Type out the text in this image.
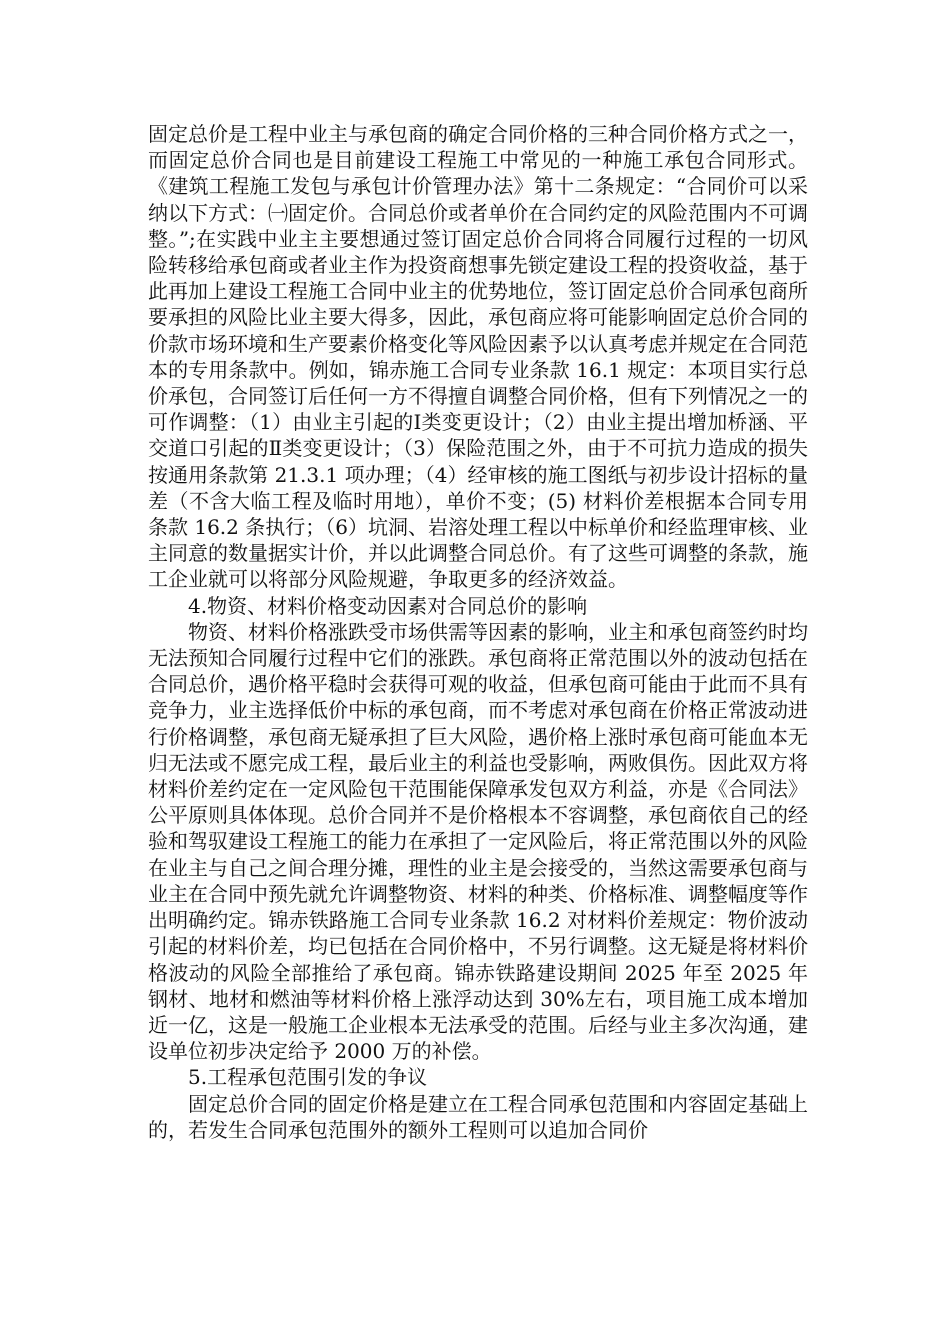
固定总价是工程中业主与承包商的确定合同价格的三种合同价格方式之一，而固定总价合同也是目前建设工程施工中常见的一种施工承包合同形式。《建筑工程施工发包与承包计价管理办法》第十二条规定：“合同价可以采纳以下方式：㈠固定价。合同总价或者单价在合同约定的风险范围内不可调整。”;在实践中业主主要想通过签订固定总价合同将合同履行过程的一切风险转移给承包商或者业主作为投资商想事先锁定建设工程的投资收益，基于此再加上建设工程施工合同中业主的优势地位，签订固定总价合同承包商所要承担的风险比业主要大得多，因此，承包商应将可能影响固定总价合同的价款市场环境和生产要素价格变化等风险因素予以认真考虑并规定在合同范本的专用条款中。例如，锦赤施工合同专业条款 16.1 规定：本项目实行总价承包，合同签订后任何一方不得擅自调整合同价格，但有下列情况之一的可作调整：（1）由业主引起的Ⅰ类变更设计；（2）由业主提出增加桥涵、平交道口引起的Ⅱ类变更设计；（3）保险范围之外，由于不可抗力造成的损失按通用条款第 21.3.1 项办理；（4）经审核的施工图纸与初步设计招标的量差（不含大临工程及临时用地），单价不变；(5) 材料价差根据本合同专用条款 16.2 条执行；（6）坑洞、岩溶处理工程以中标单价和经监理审核、业主同意的数量据实计价，并以此调整合同总价。有了这些可调整的条款，施工企业就可以将部分风险规避，争取更多的经济效益。

4.物资、材料价格变动因素对合同总价的影响

物资、材料价格涨跌受市场供需等因素的影响，业主和承包商签约时均无法预知合同履行过程中它们的涨跌。承包商将正常范围以外的波动包括在合同总价，遇价格平稳时会获得可观的收益，但承包商可能由于此而不具有竞争力，业主选择低价中标的承包商，而不考虑对承包商在价格正常波动进行价格调整，承包商无疑承担了巨大风险，遇价格上涨时承包商可能血本无归无法或不愿完成工程，最后业主的利益也受影响，两败俱伤。因此双方将材料价差约定在一定风险包干范围能保障承发包双方利益，亦是《合同法》公平原则具体体现。总价合同并不是价格根本不容调整，承包商依自己的经验和驾驭建设工程施工的能力在承担了一定风险后，将正常范围以外的风险在业主与自己之间合理分摊，理性的业主是会接受的，当然这需要承包商与业主在合同中预先就允许调整物资、材料的种类、价格标准、调整幅度等作出明确约定。锦赤铁路施工合同专业条款 16.2 对材料价差规定：物价波动引起的材料价差，均已包括在合同价格中，不另行调整。这无疑是将材料价格波动的风险全部推给了承包商。锦赤铁路建设期间 2025 年至 2025 年钢材、地材和燃油等材料价格上涨浮动达到 30%左右，项目施工成本增加近一亿，这是一般施工企业根本无法承受的范围。后经与业主多次沟通，建设单位初步决定给予 2000 万的补偿。

5.工程承包范围引发的争议

固定总价合同的固定价格是建立在工程合同承包范围和内容固定基础上的，若发生合同承包范围外的额外工程则可以追加合同价
